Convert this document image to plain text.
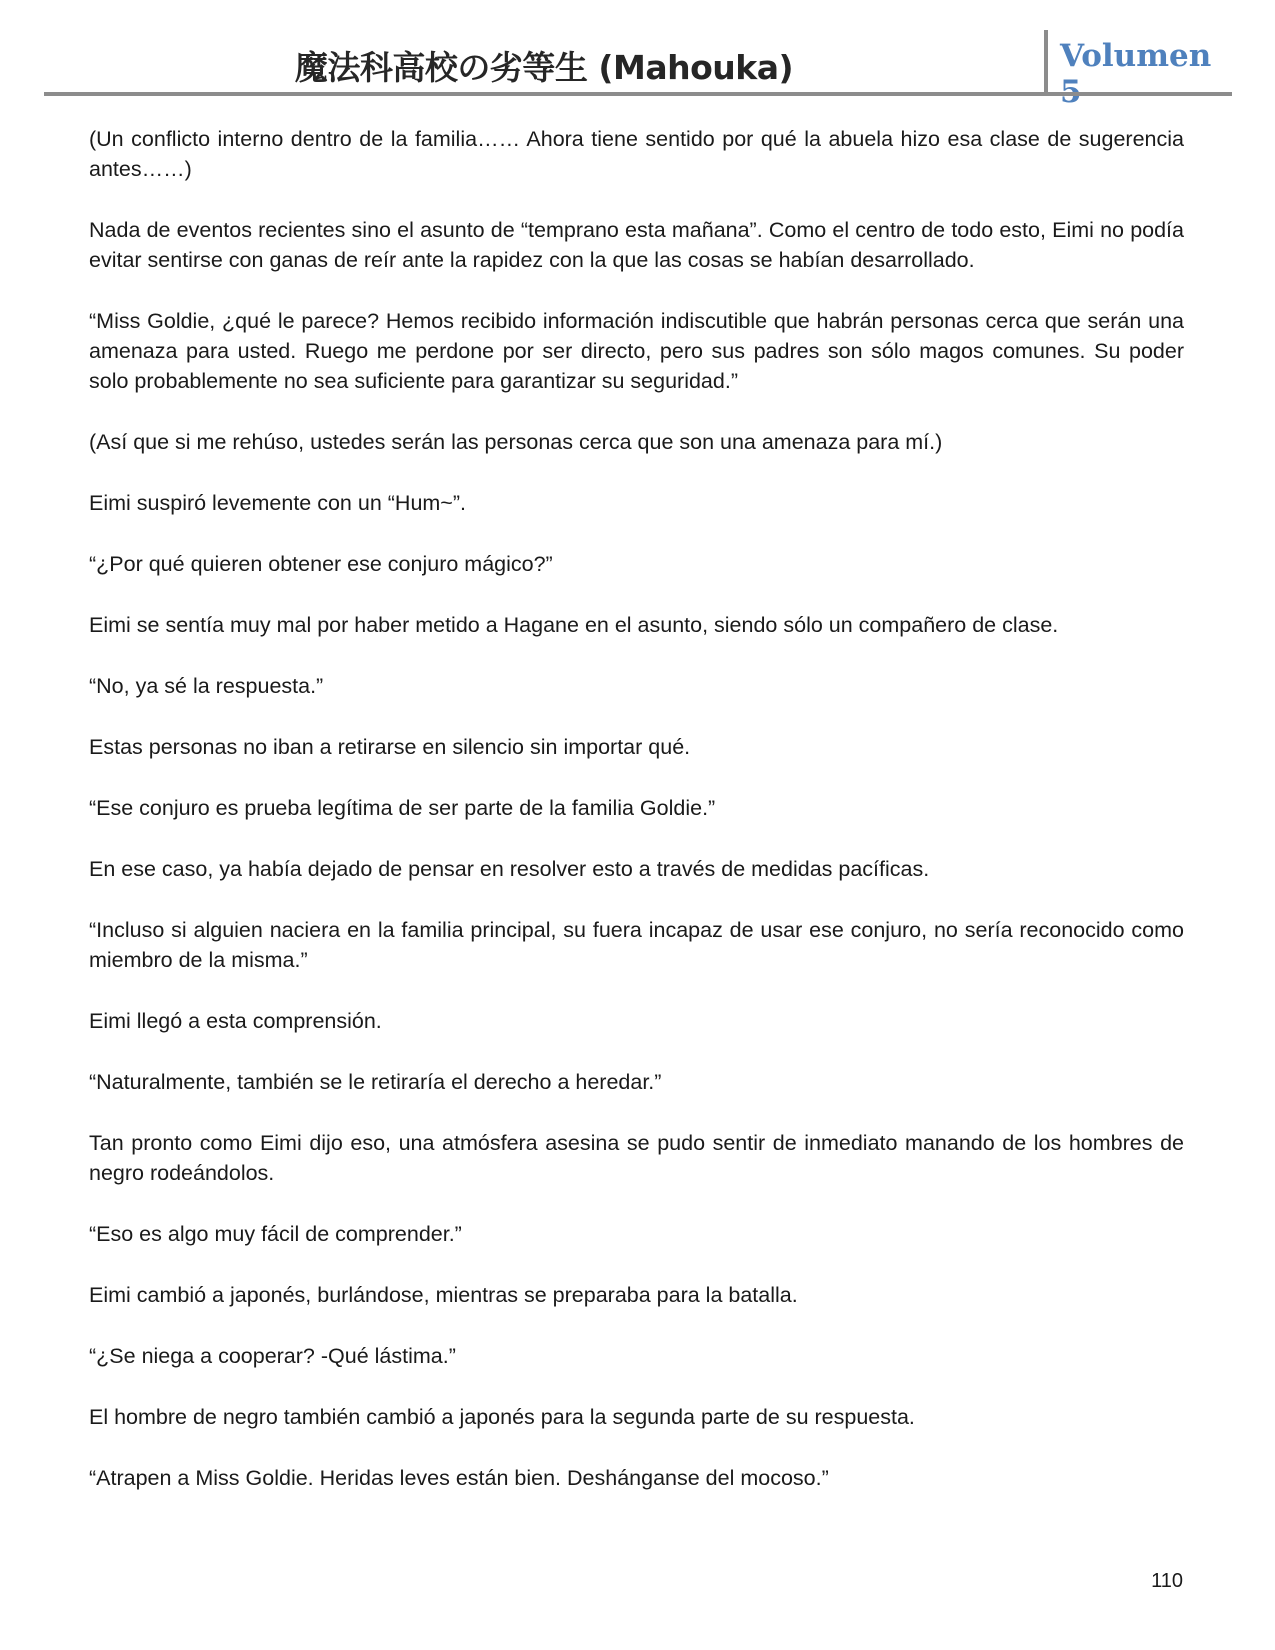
魔法科高校の劣等生 (Mahouka)	Volumen

(Un conflicto interno dentro de la familia…… Ahora tiene sentido por qué la abuela hizo esa clase de sugerencia antes……)

Nada de eventos recientes sino el asunto de “temprano esta mañana”. Como el centro de todo esto, Eimi no podía evitar sentirse con ganas de reír ante la rapidez con la que las cosas se habían desarrollado.

“Miss Goldie, ¿qué le parece? Hemos recibido información indiscutible que habrán personas cerca que serán una amenaza para usted. Ruego me perdone por ser directo, pero sus padres son sólo magos comunes. Su poder solo probablemente no sea suficiente para garantizar su seguridad.”

(Así que si me rehúso, ustedes serán las personas cerca que son una amenaza para mí.)

Eimi suspiró levemente con un “Hum~”.

“¿Por qué quieren obtener ese conjuro mágico?”

Eimi se sentía muy mal por haber metido a Hagane en el asunto, siendo sólo un compañero de clase.

“No, ya sé la respuesta.”

Estas personas no iban a retirarse en silencio sin importar qué.

“Ese conjuro es prueba legítima de ser parte de la familia Goldie.”

En ese caso, ya había dejado de pensar en resolver esto a través de medidas pacíficas.

“Incluso si alguien naciera en la familia principal, su fuera incapaz de usar ese conjuro, no sería reconocido como miembro de la misma.”

Eimi llegó a esta comprensión.

“Naturalmente, también se le retiraría el derecho a heredar.”

Tan pronto como Eimi dijo eso, una atmósfera asesina se pudo sentir de inmediato manando de los hombres de negro rodeándolos.

“Eso es algo muy fácil de comprender.”

Eimi cambió a japonés, burlándose, mientras se preparaba para la batalla.

“¿Se niega a cooperar? -Qué lástima.”

El hombre de negro también cambió a japonés para la segunda parte de su respuesta.

“Atrapen a Miss Goldie. Heridas leves están bien. Deshánganse del mocoso.”

110
